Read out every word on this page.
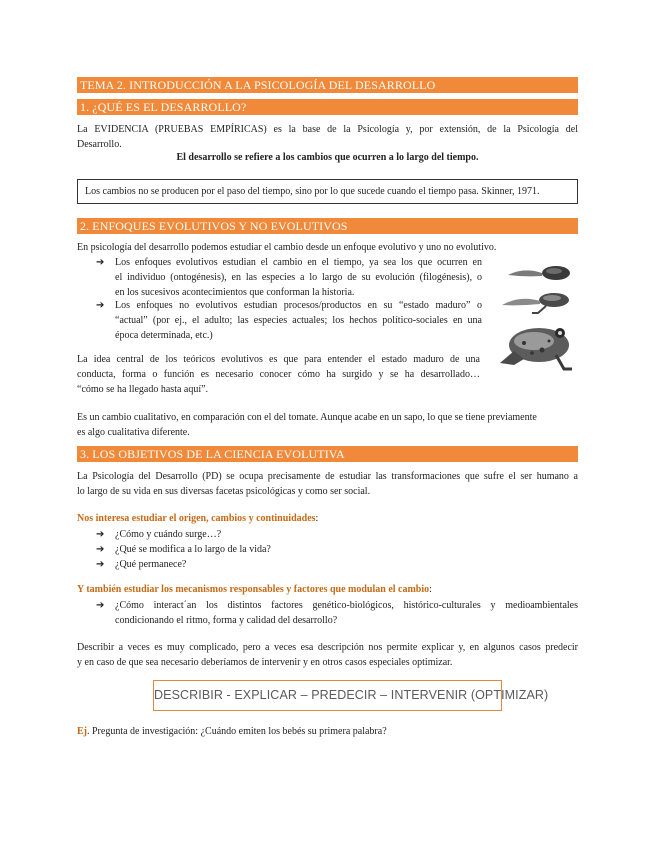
TEMA 2. INTRODUCCIÓN A LA PSICOLOGÍA DEL DESARROLLO
1. ¿QUÉ ES EL DESARROLLO?
La EVIDENCIA (PRUEBAS EMPÍRICAS) es la base de la Psicología y, por extensión, de la Psicología del
Desarrollo.
El desarrollo se refiere a los cambios que ocurren a lo largo del tiempo.
Los cambios no se producen por el paso del tiempo, sino por lo que sucede cuando el tiempo pasa. Skinner, 1971.
2. ENFOQUES EVOLUTIVOS Y NO EVOLUTIVOS
En psicología del desarrollo podemos estudiar el cambio desde un enfoque evolutivo y uno no evolutivo.
➔ Los enfoques evolutivos estudian el cambio en el tiempo, ya sea los que ocurren en
el individuo (ontogénesis), en las especies a lo largo de su evolución (filogénesis), o
en los sucesivos acontecimientos que conforman la historia.
➔ Los enfoques no evolutivos estudian procesos/productos en su “estado maduro” o
“actual” (por ej., el adulto; las especies actuales; los hechos político-sociales en una
época determinada, etc.)
La idea central de los teóricos evolutivos es que para entender el estado maduro de una
conducta, forma o función es necesario conocer cómo ha surgido y se ha desarrollado…
“cómo se ha llegado hasta aquí”.
Es un cambio cualitativo, en comparación con el del tomate. Aunque acabe en un sapo, lo que se tiene previamente
es algo cualitativa diferente.
3. LOS OBJETIVOS DE LA CIENCIA EVOLUTIVA
La Psicología del Desarrollo (PD) se ocupa precisamente de estudiar las transformaciones que sufre el ser humano a
lo largo de su vida en sus diversas facetas psicológicas y como ser social.
Nos interesa estudiar el origen, cambios y continuidades:
➔ ¿Cómo y cuándo surge…?
➔ ¿Qué se modifica a lo largo de la vida?
➔ ¿Qué permanece?
Y también estudiar los mecanismos responsables y factores que modulan el cambio:
➔ ¿Cómo interact´an los distintos factores genético-biológicos, histórico-culturales y medioambientales
condicionando el ritmo, forma y calidad del desarrollo?
Describir a veces es muy complicado, pero a veces esa descripción nos permite explicar y, en algunos casos predecir
y en caso de que sea necesario deberíamos de intervenir y en otros casos especiales optimizar.
DESCRIBIR - EXPLICAR – PREDECIR – INTERVENIR (OPTIMIZAR)
Ej. Pregunta de investigación: ¿Cuándo emiten los bebés su primera palabra?
